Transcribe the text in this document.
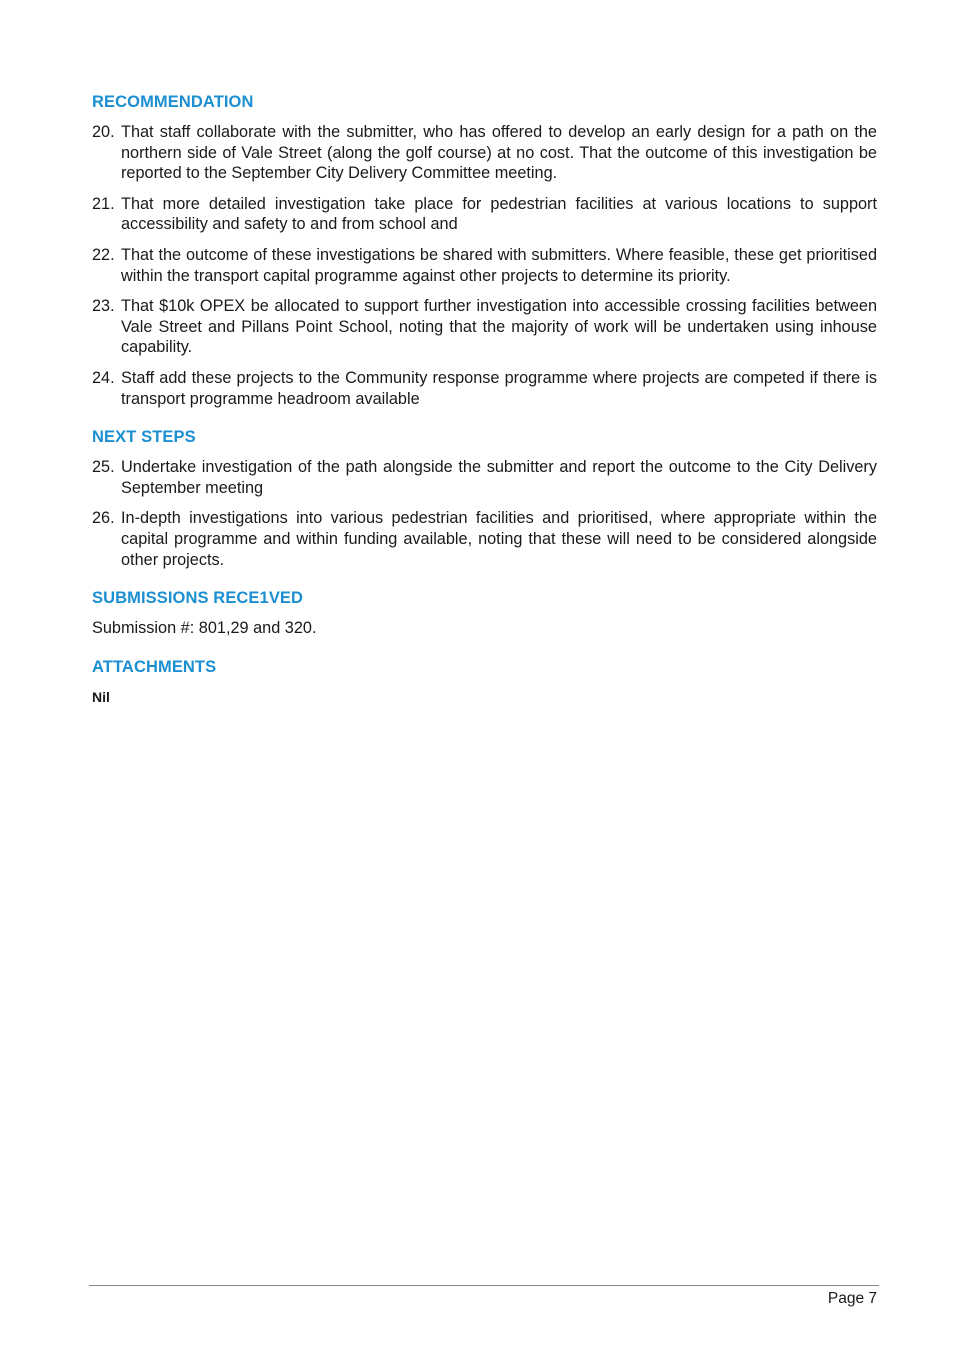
RECOMMENDATION
20. That staff collaborate with the submitter, who has offered to develop an early design for a path on the northern side of Vale Street (along the golf course) at no cost. That the outcome of this investigation be reported to the September City Delivery Committee meeting.
21. That more detailed investigation take place for pedestrian facilities at various locations to support accessibility and safety to and from school and
22. That the outcome of these investigations be shared with submitters. Where feasible, these get prioritised within the transport capital programme against other projects to determine its priority.
23. That $10k OPEX be allocated to support further investigation into accessible crossing facilities between Vale Street and Pillans Point School, noting that the majority of work will be undertaken using inhouse capability.
24. Staff add these projects to the Community response programme where projects are competed if there is transport programme headroom available
NEXT STEPS
25. Undertake investigation of the path alongside the submitter and report the outcome to the City Delivery September meeting
26. In-depth investigations into various pedestrian facilities and prioritised, where appropriate within the capital programme and within funding available, noting that these will need to be considered alongside other projects.
SUBMISSIONS RECE1VED

Submission #: 801,29 and 320.

ATTACHMENTS

Nil

Page 7
